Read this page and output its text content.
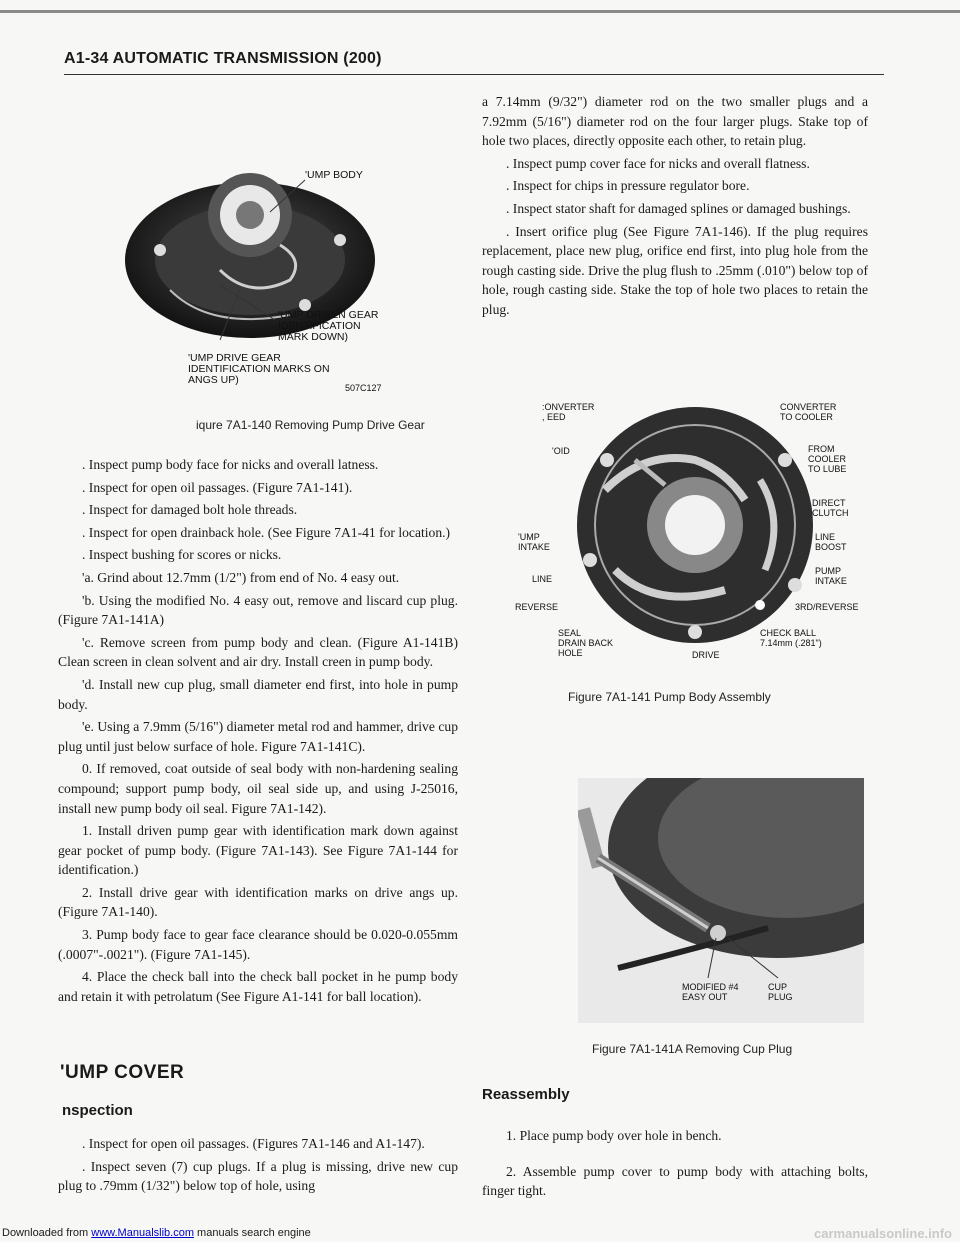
A1-34 AUTOMATIC TRANSMISSION (200)
'UMP BODY
'UMP DRIVEN GEAR
IDENTIFICATION
MARK DOWN)
'UMP DRIVE GEAR
IDENTIFICATION MARKS ON
ANGS UP)
507C127
iqure 7A1-140 Removing Pump Drive Gear

. Inspect pump body face for nicks and overall latness.

. Inspect for open oil passages. (Figure 7A1-141).

. Inspect for damaged bolt hole threads.

. Inspect for open drainback hole. (See Figure 7A1-41 for location.)

. Inspect bushing for scores or nicks.

'a. Grind about 12.7mm (1/2") from end of No. 4 easy out.

'b. Using the modified No. 4 easy out, remove and liscard cup plug. (Figure 7A1-141A)

'c. Remove screen from pump body and clean. (Figure A1-141B) Clean screen in clean solvent and air dry. Install creen in pump body.

'd. Install new cup plug, small diameter end first, into hole in pump body.

'e. Using a 7.9mm (5/16") diameter metal rod and hammer, drive cup plug until just below surface of hole. Figure 7A1-141C).

0. If removed, coat outside of seal body with non-hardening sealing compound; support pump body, oil seal side up, and using J-25016, install new pump body oil seal. Figure 7A1-142).

1. Install driven pump gear with identification mark down against gear pocket of pump body. (Figure 7A1-143). See Figure 7A1-144 for identification.)

2. Install drive gear with identification marks on drive angs up. (Figure 7A1-140).

3. Pump body face to gear face clearance should be 0.020-0.055mm (.0007"-.0021"). (Figure 7A1-145).

4. Place the check ball into the check ball pocket in he pump body and retain it with petrolatum (See Figure A1-141 for ball location).

'UMP COVER
nspection

. Inspect for open oil passages. (Figures 7A1-146 and A1-147).

. Inspect seven (7) cup plugs. If a plug is missing, drive new cup plug to .79mm (1/32") below top of hole, using

a 7.14mm (9/32") diameter rod on the two smaller plugs and a 7.92mm (5/16") diameter rod on the four larger plugs. Stake top of hole two places, directly opposite each other, to retain plug.

. Inspect pump cover face for nicks and overall flatness.

. Inspect for chips in pressure regulator bore.

. Inspect stator shaft for damaged splines or damaged bushings.

. Insert orifice plug (See Figure 7A1-146). If the plug requires replacement, place new plug, orifice end first, into plug hole from the rough casting side. Drive the plug flush to .25mm (.010") below top of hole, rough casting side. Stake the top of hole two places to retain the plug.

:ONVERTER
, EED
CONVERTER
TO COOLER
'OID	FROM
COOLER
TO LUBE
DIRECT
CLUTCH
'UMP
INTAKE
LINE
BOOST
LINE
PUMP
INTAKE
REVERSE	3RD/REVERSE
SEAL
DRAIN BACK
HOLE	DRIVE
CHECK BALL
7.14mm (.281")
Figure 7A1-141 Pump Body Assembly
MODIFIED #4
EASY OUT
CUP
PLUG
Figure 7A1-141A Removing Cup Plug
Reassembly

1. Place pump body over hole in bench.

2. Assemble pump cover to pump body with attaching bolts, finger tight.

Downloaded from www.Manualslib.com manuals search engine	carmanualsonline.info
